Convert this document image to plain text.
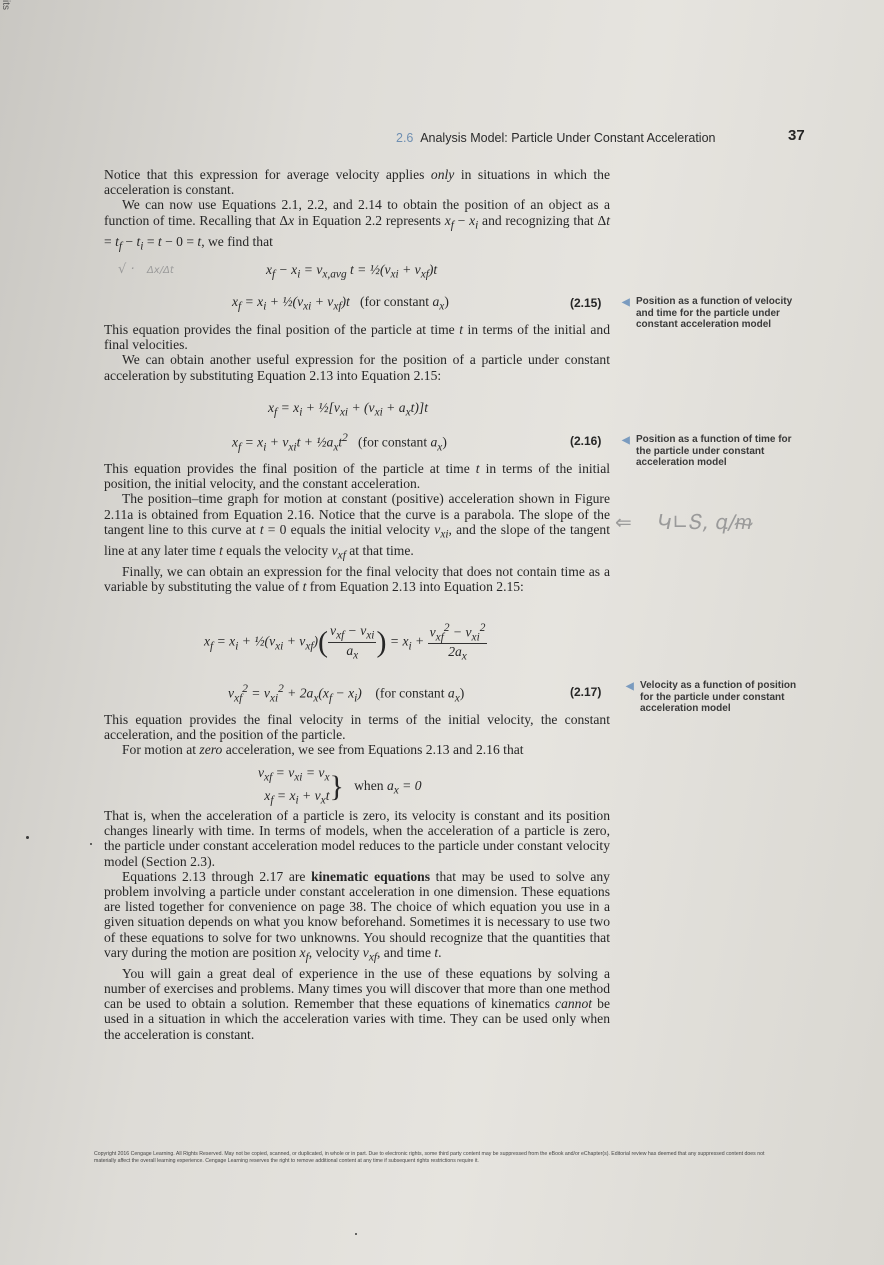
its
2.6 Analysis Model: Particle Under Constant Acceleration	37

Notice that this expression for average velocity applies only in situations in which the acceleration is constant.

We can now use Equations 2.1, 2.2, and 2.14 to obtain the position of an object as a function of time. Recalling that Δx in Equation 2.2 represents $x_f - x_i$ and recognizing that $\Delta t = t_f - t_i = t - 0 = t$, we find that

√ ·   Δx/Δt	$x_f - x_i = v_{x,avg}$ $t = \frac{1}{2}(v_{xi} + v_{xf})t$
$x_f = x_i$ + $\frac{1}{2}(v_{xi} + v_{xf})t$   (for constant $a_x$)	(2.15) ◀ Position as a function of velocity and time for the particle under constant acceleration model

This equation provides the final position of the particle at time t in terms of the initial and final velocities.

We can obtain another useful expression for the position of a particle under constant acceleration by substituting Equation 2.13 into Equation 2.15:

$x_f = x_i$ + $\frac{1}{2}[v_{xi} + (v_{xi} + a_xt)]t$
$x_f = x_i + v_{xi}t$ + $\frac{1}{2}a_xt^2$ (for constant $a_x$)	(2.16) ◀ Position as a function of time for the particle under constant acceleration model

This equation provides the final position of the particle at time t in terms of the initial position, the initial velocity, and the constant acceleration.

The position–time graph for motion at constant (positive) acceleration shown in Figure 2.11a is obtained from Equation 2.16. Notice that the curve is a parabola. The slope of the tangent line to this curve at t = 0 equals the initial velocity $v_{xi}$, and the slope of the tangent line at any later time t equals the velocity $v_{xf}$ at that time.

Finally, we can obtain an expression for the final velocity that does not contain time as a variable by substituting the value of t from Equation 2.13 into Equation 2.15:

⇐    Կ∟Տ, գ∕ᵯ
$x_f = x_i$ + $\frac{1}{2}(v_{xi} + v_{xf})( \frac{v_{xf} - v_{xi}}{a_x}$ ) = $x_i + \frac{v_{xf}^2 - v_{xi}^2}{2a_x}$
$v_{xf}^2 = v_{xi}^2 + 2a_x(x_f - x_i)$    (for constant $a_x$)	(2.17) ◀ Velocity as a function of position for the particle under constant acceleration model

This equation provides the final velocity in terms of the initial velocity, the constant acceleration, and the position of the particle.

For motion at zero acceleration, we see from Equations 2.13 and 2.16 that

$v_{xf} = v_{xi} = v_x$
$x_f = x_i + v_xt$ } when $a_x = 0$

That is, when the acceleration of a particle is zero, its velocity is constant and its position changes linearly with time. In terms of models, when the acceleration of a particle is zero, the particle under constant acceleration model reduces to the particle under constant velocity model (Section 2.3).

Equations 2.13 through 2.17 are kinematic equations that may be used to solve any problem involving a particle under constant acceleration in one dimension. These equations are listed together for convenience on page 38. The choice of which equation you use in a given situation depends on what you know beforehand. Sometimes it is necessary to use two of these equations to solve for two unknowns. You should recognize that the quantities that vary during the motion are position $x_f$, velocity $v_{xf}$, and time t.

You will gain a great deal of experience in the use of these equations by solving a number of exercises and problems. Many times you will discover that more than one method can be used to obtain a solution. Remember that these equations of kinematics cannot be used in a situation in which the acceleration varies with time. They can be used only when the acceleration is constant.

Copyright 2016 Cengage Learning. All Rights Reserved. May not be copied, scanned, or duplicated, in whole or in part. Due to electronic rights, some third party content may be suppressed from the eBook and/or eChapter(s). Editorial review has deemed that any suppressed content does not materially affect the overall learning experience. Cengage Learning reserves the right to remove additional content at any time if subsequent rights restrictions require it.
